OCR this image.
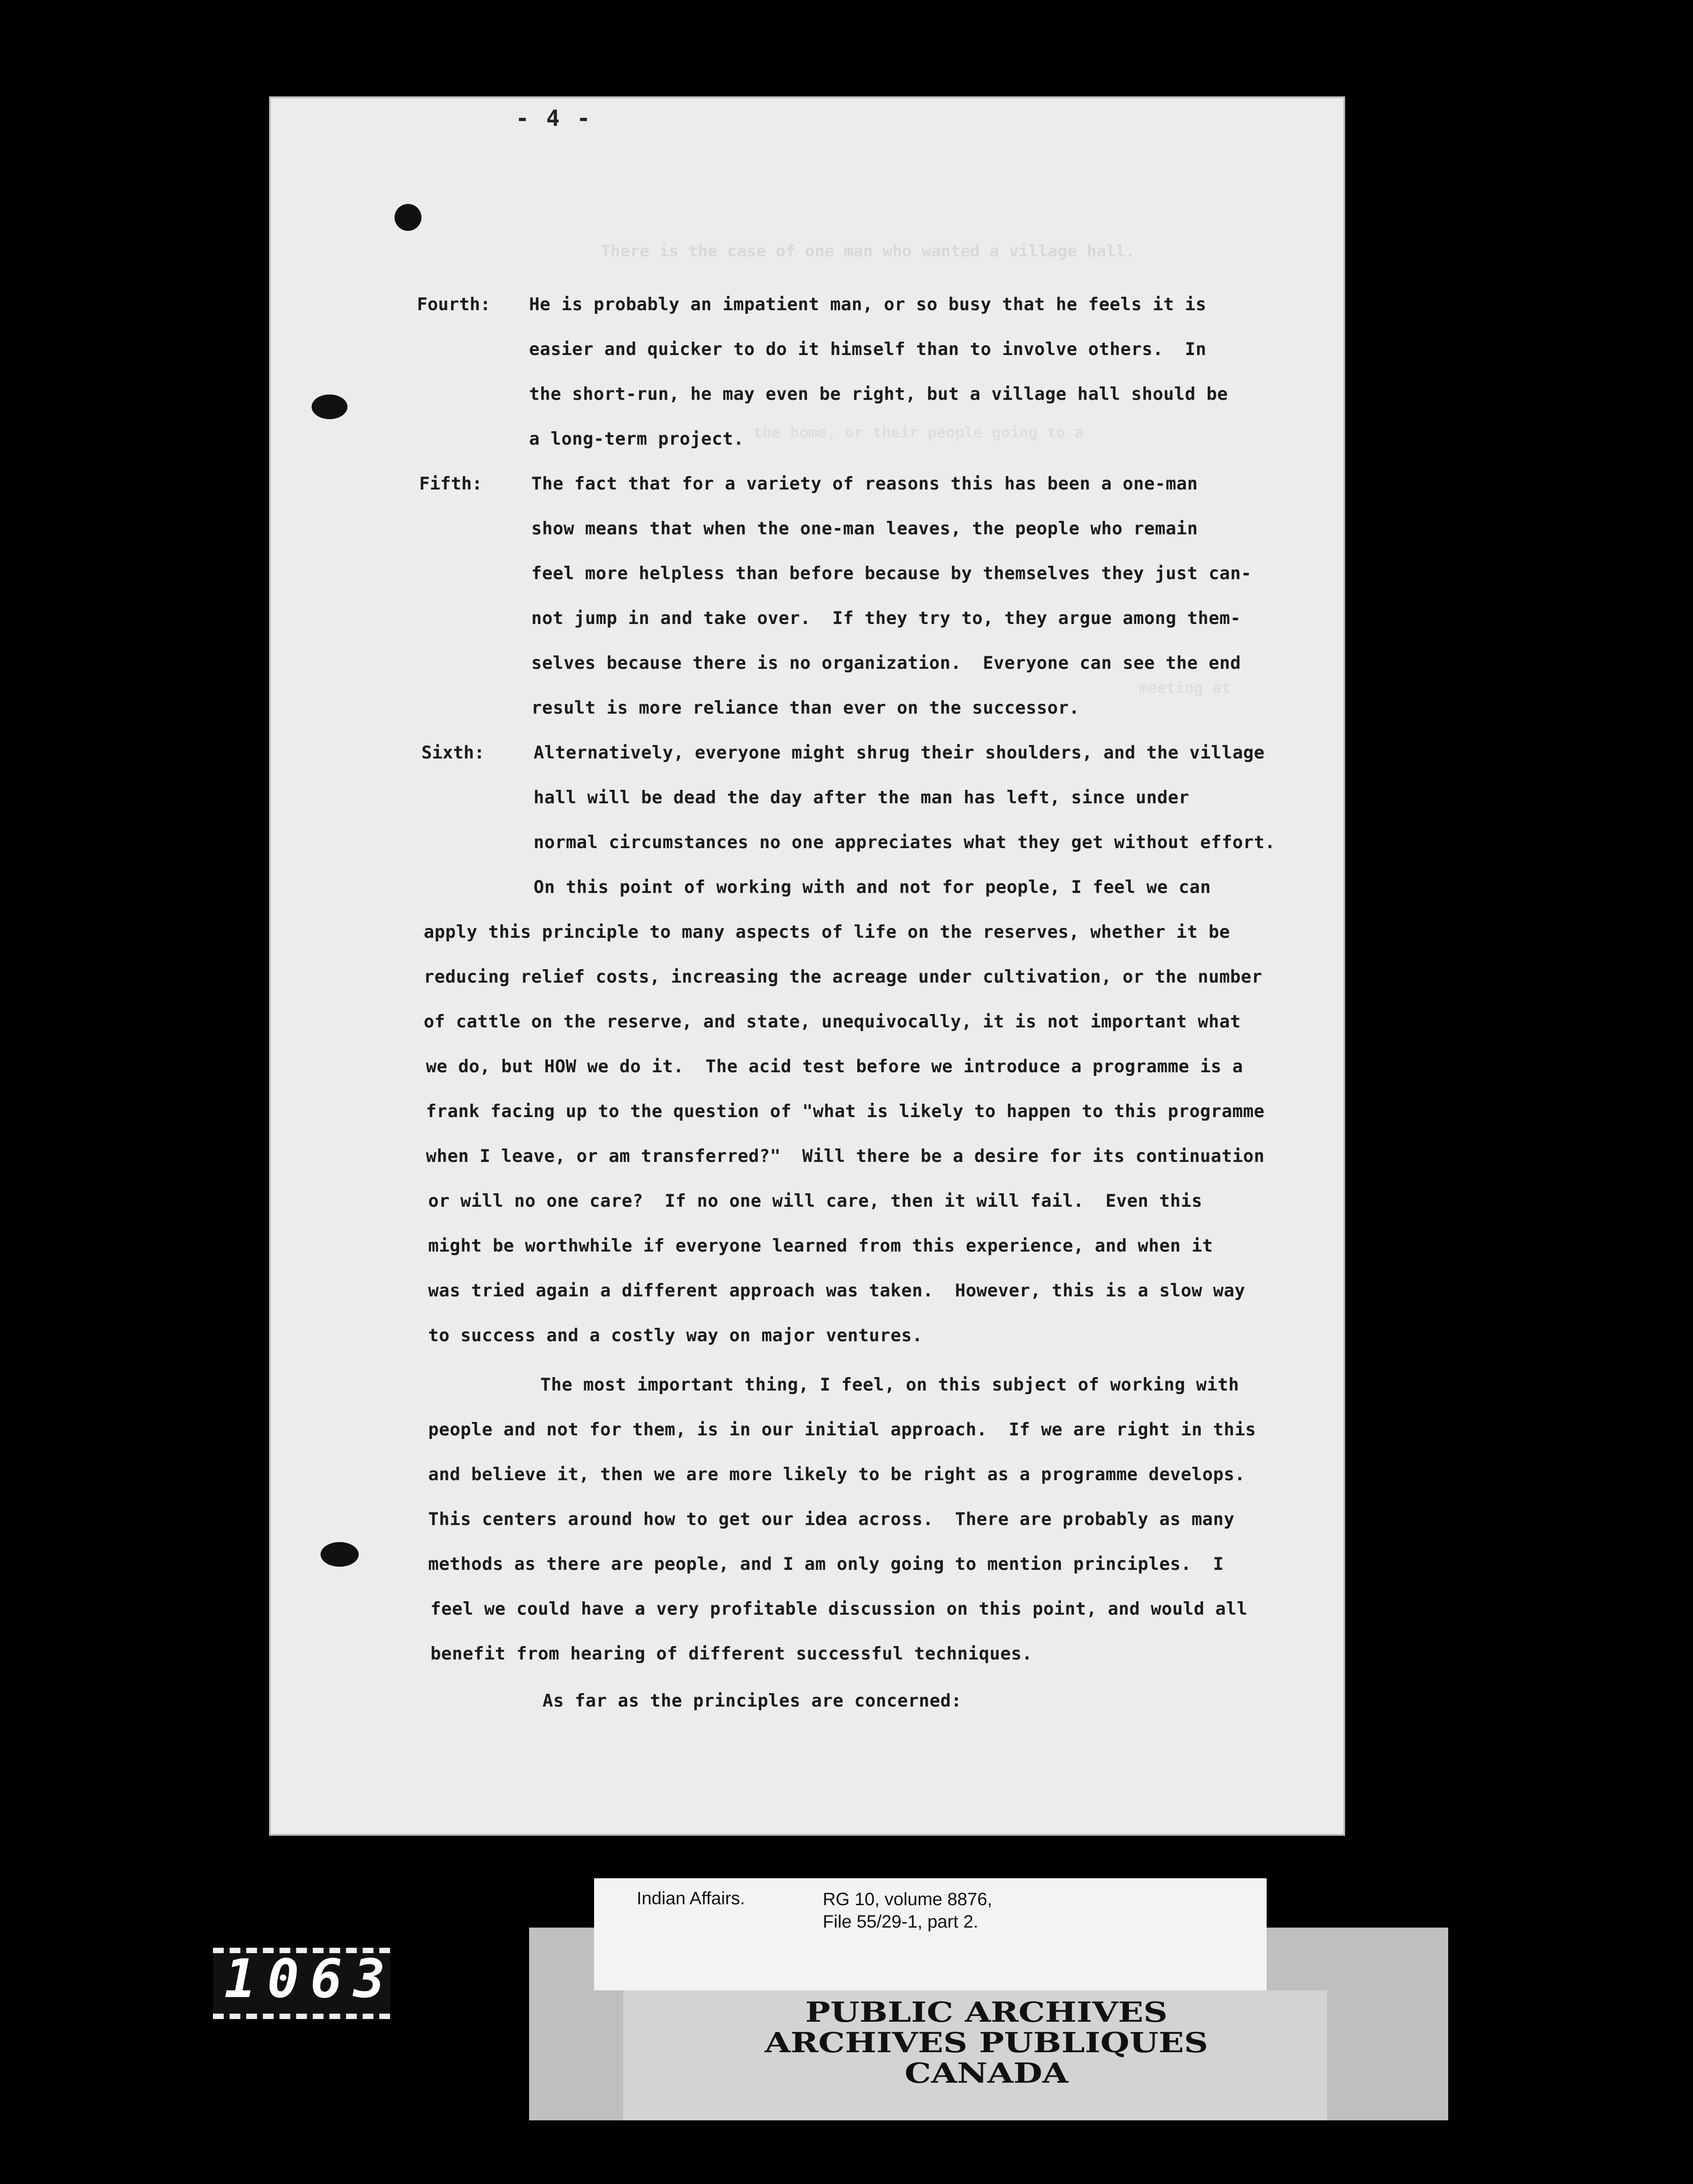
- 4 -
There is the case of one man who wanted a village hall.
the home, or their people going to a
meeting at
Fourth: He is probably an impatient man, or so busy that he feels it is
easier and quicker to do it himself than to involve others.  In
the short-run, he may even be right, but a village hall should be
a long-term project.
Fifth:	The fact that for a variety of reasons this has been a one-man
show means that when the one-man leaves, the people who remain
feel more helpless than before because by themselves they just can-
not jump in and take over.  If they try to, they argue among them-
selves because there is no organization.  Everyone can see the end
result is more reliance than ever on the successor.
Sixth:	Alternatively, everyone might shrug their shoulders, and the village
hall will be dead the day after the man has left, since under
normal circumstances no one appreciates what they get without effort.
On this point of working with and not for people, I feel we can
apply this principle to many aspects of life on the reserves, whether it be
reducing relief costs, increasing the acreage under cultivation, or the number
of cattle on the reserve, and state, unequivocally, it is not important what
we do, but HOW we do it.  The acid test before we introduce a programme is a
frank facing up to the question of "what is likely to happen to this programme
when I leave, or am transferred?"  Will there be a desire for its continuation
or will no one care?  If no one will care, then it will fail.  Even this
might be worthwhile if everyone learned from this experience, and when it
was tried again a different approach was taken.  However, this is a slow way
to success and a costly way on major ventures.
The most important thing, I feel, on this subject of working with
people and not for them, is in our initial approach.  If we are right in this
and believe it, then we are more likely to be right as a programme develops.
This centers around how to get our idea across.  There are probably as many
methods as there are people, and I am only going to mention principles.  I
feel we could have a very profitable discussion on this point, and would all
benefit from hearing of different successful techniques.
As far as the principles are concerned:
Indian Affairs.	RG 10, volume 8876,
File 55/29-1, part 2.
PUBLIC ARCHIVES
ARCHIVES PUBLIQUES
CANADA
1063
